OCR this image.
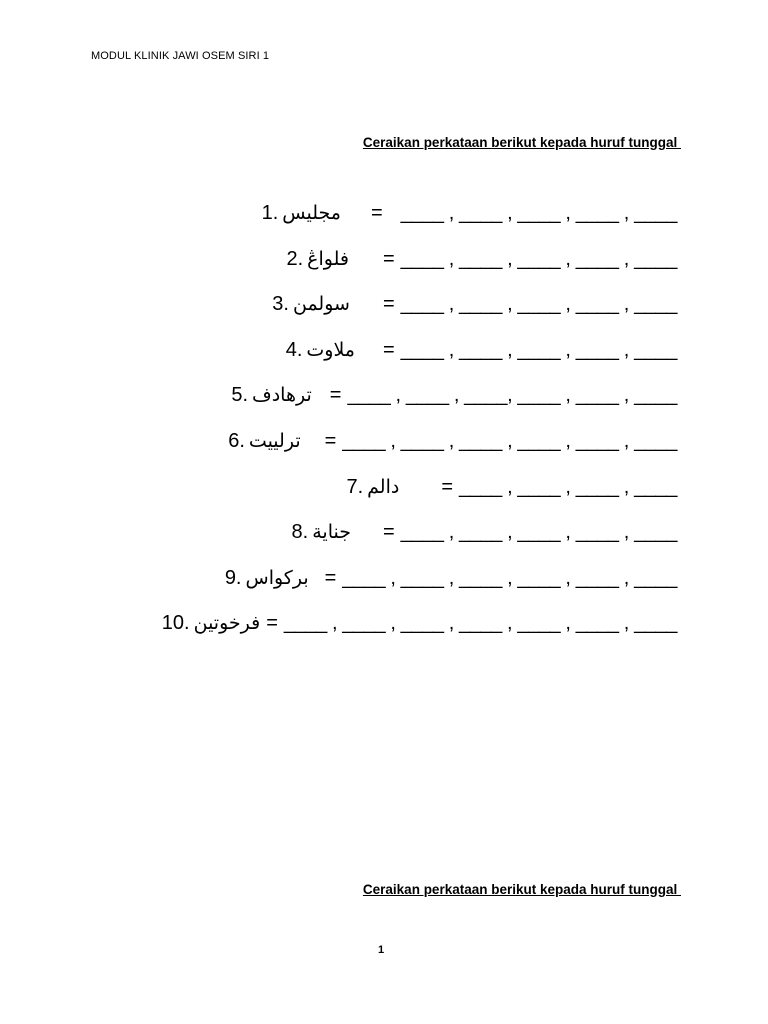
MODUL KLINIK JAWI OSEM SIRI 1
Ceraikan perkataan berikut kepada huruf tunggal
1. مجليس = ____ , ____ , ____ , ____ , ____
2. فلواڠ = ____ , ____ , ____ , ____ , ____
3. سولمن = ____ , ____ , ____ , ____ , ____
4. ملاوت = ____ , ____ , ____ , ____ , ____
5. ترهادف = ____ , ____ , ____, ____ , ____ , ____
6. ترلييت = ____ , ____ , ____ , ____ , ____ , ____
7. دالم = ____ , ____ , ____ , ____
8. جناية = ____ , ____ , ____ , ____ , ____
9. برکواس = ____ , ____ , ____ , ____ , ____ , ____
10. فرخوتين = ____ , ____ , ____ , ____ , ____ , ____ , ____
Ceraikan perkataan berikut kepada huruf tunggal
1
